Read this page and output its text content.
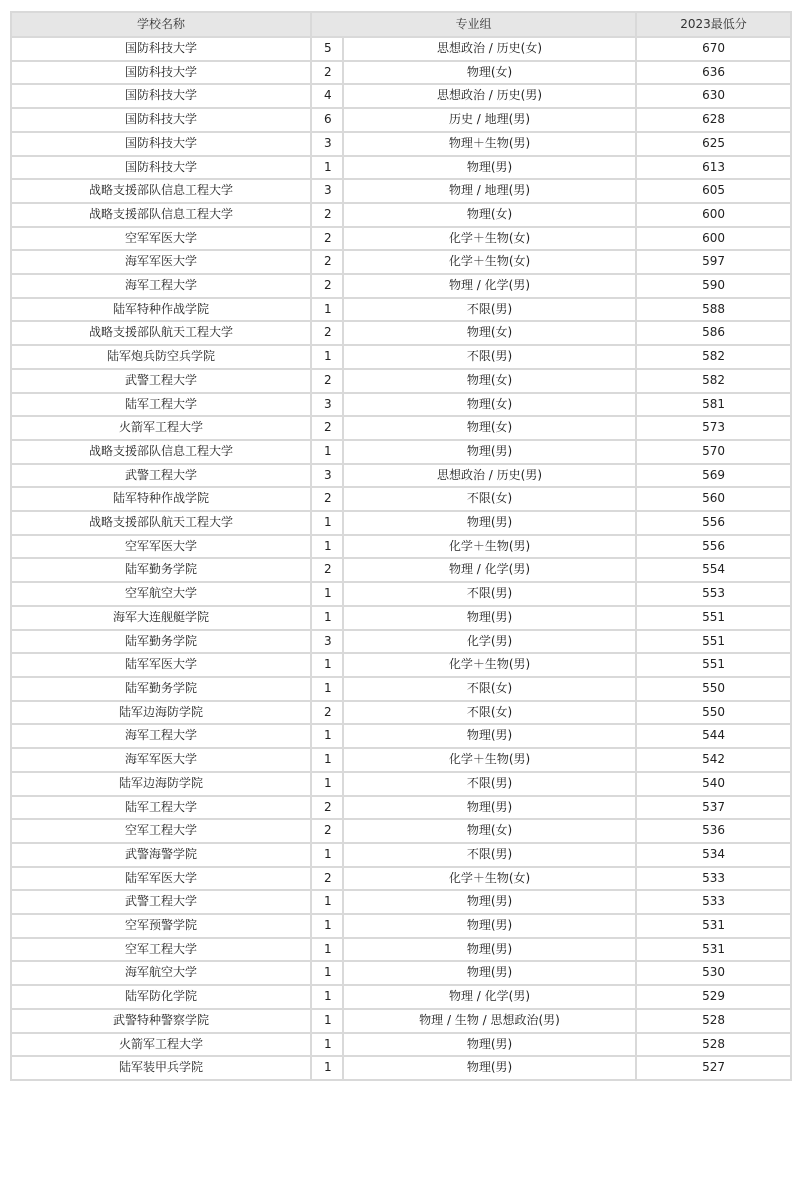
学校名称	专业组		2023最低分
国防科技大学	5	思想政治 / 历史(女)	670
国防科技大学	2	物理(女)	636
国防科技大学	4	思想政治 / 历史(男)	630
国防科技大学	6	历史 / 地理(男)	628
国防科技大学	3	物理＋生物(男)	625
国防科技大学	1	物理(男)	613
战略支援部队信息工程大学	3	物理 / 地理(男)	605
战略支援部队信息工程大学	2	物理(女)	600
空军军医大学	2	化学＋生物(女)	600
海军军医大学	2	化学＋生物(女)	597
海军工程大学	2	物理 / 化学(男)	590
陆军特种作战学院	1	不限(男)	588
战略支援部队航天工程大学	2	物理(女)	586
陆军炮兵防空兵学院	1	不限(男)	582
武警工程大学	2	物理(女)	582
陆军工程大学	3	物理(女)	581
火箭军工程大学	2	物理(女)	573
战略支援部队信息工程大学	1	物理(男)	570
武警工程大学	3	思想政治 / 历史(男)	569
陆军特种作战学院	2	不限(女)	560
战略支援部队航天工程大学	1	物理(男)	556
空军军医大学	1	化学＋生物(男)	556
陆军勤务学院	2	物理 / 化学(男)	554
空军航空大学	1	不限(男)	553
海军大连舰艇学院	1	物理(男)	551
陆军勤务学院	3	化学(男)	551
陆军军医大学	1	化学＋生物(男)	551
陆军勤务学院	1	不限(女)	550
陆军边海防学院	2	不限(女)	550
海军工程大学	1	物理(男)	544
海军军医大学	1	化学＋生物(男)	542
陆军边海防学院	1	不限(男)	540
陆军工程大学	2	物理(男)	537
空军工程大学	2	物理(女)	536
武警海警学院	1	不限(男)	534
陆军军医大学	2	化学＋生物(女)	533
武警工程大学	1	物理(男)	533
空军预警学院	1	物理(男)	531
空军工程大学	1	物理(男)	531
海军航空大学	1	物理(男)	530
陆军防化学院	1	物理 / 化学(男)	529
武警特种警察学院	1	物理 / 生物 / 思想政治(男)	528
火箭军工程大学	1	物理(男)	528
陆军装甲兵学院	1	物理(男)	527
